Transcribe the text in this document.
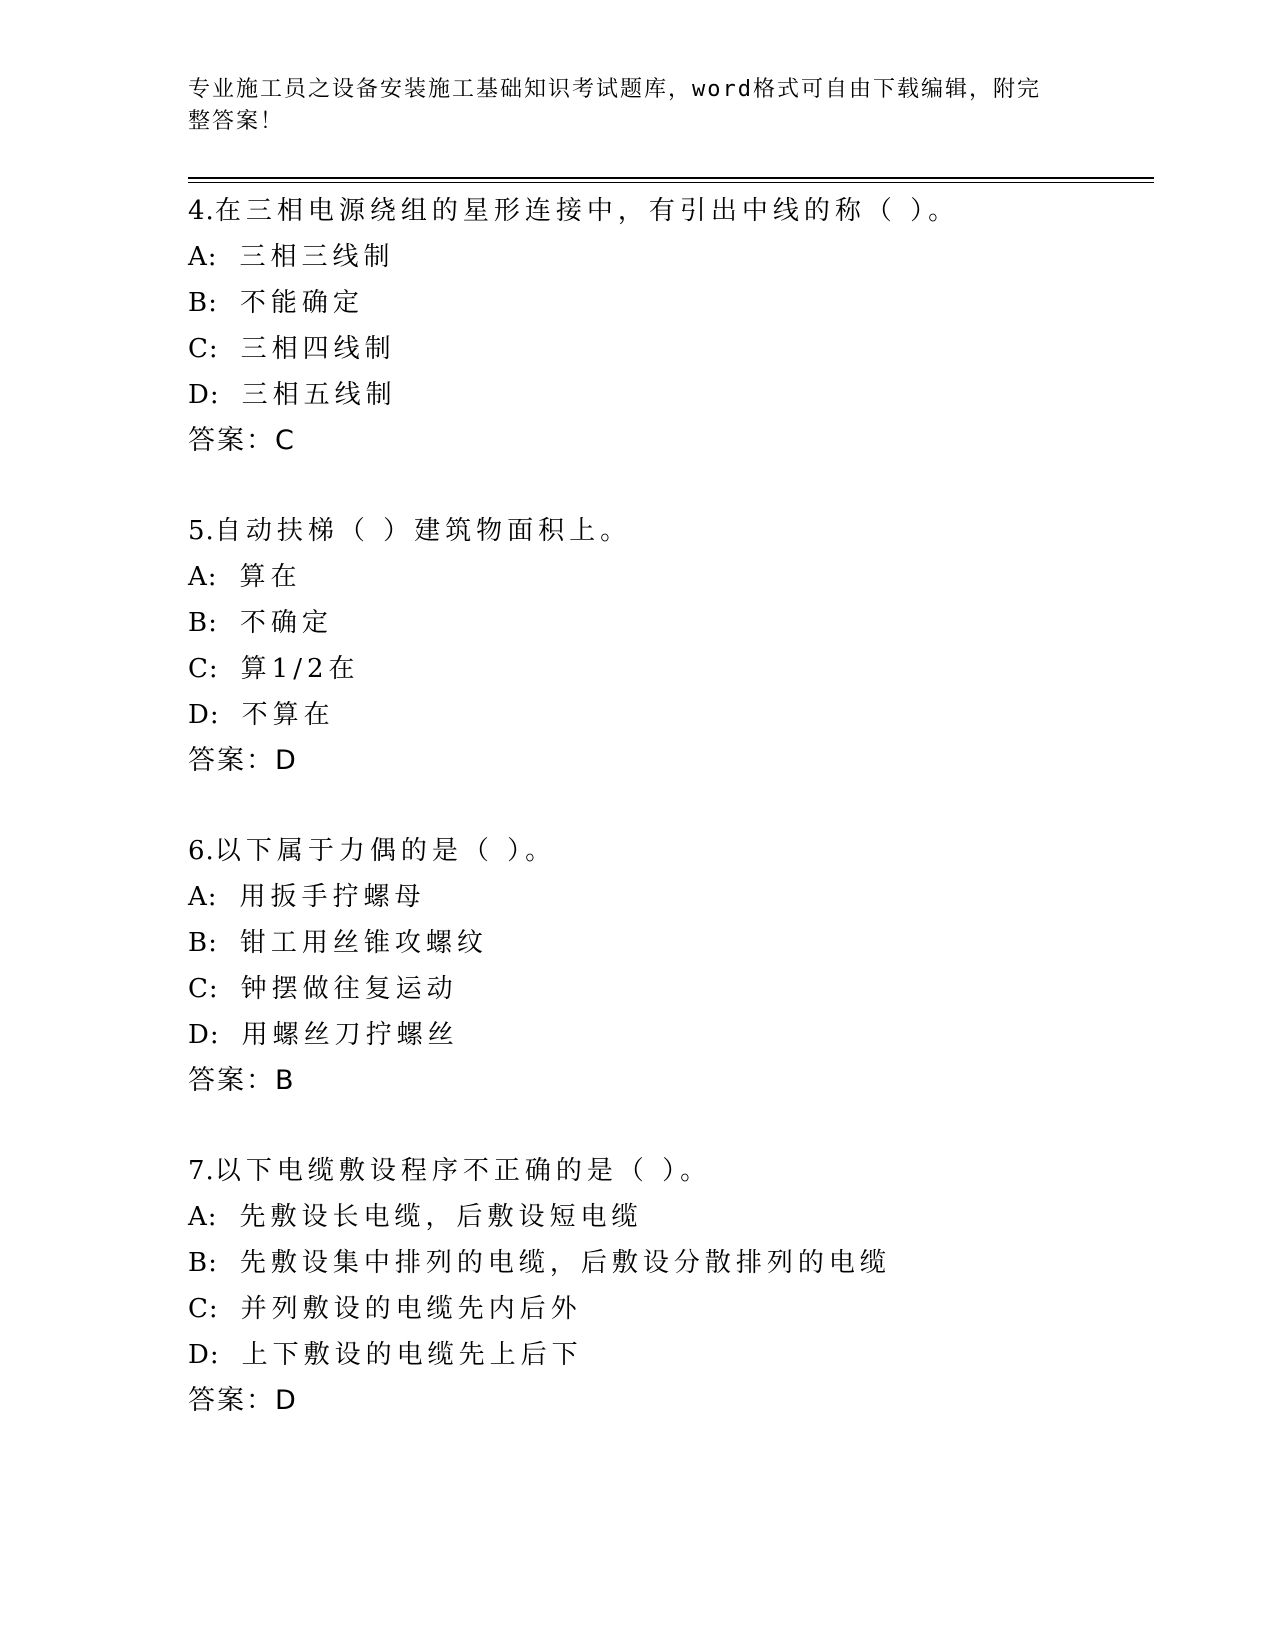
专业施工员之设备安装施工基础知识考试题库，word格式可自由下载编辑，附完
整答案！
4.在三相电源绕组的星形连接中，有引出中线的称（ ）。
A: 三相三线制
B: 不能确定
C: 三相四线制
D: 三相五线制
答案：C
5.自动扶梯（ ）建筑物面积上。
A: 算在
B: 不确定
C: 算1/2在
D: 不算在
答案：D
6.以下属于力偶的是（ ）。
A: 用扳手拧螺母
B: 钳工用丝锥攻螺纹
C: 钟摆做往复运动
D: 用螺丝刀拧螺丝
答案：B
7.以下电缆敷设程序不正确的是（ ）。
A: 先敷设长电缆，后敷设短电缆
B: 先敷设集中排列的电缆，后敷设分散排列的电缆
C: 并列敷设的电缆先内后外
D: 上下敷设的电缆先上后下
答案：D
